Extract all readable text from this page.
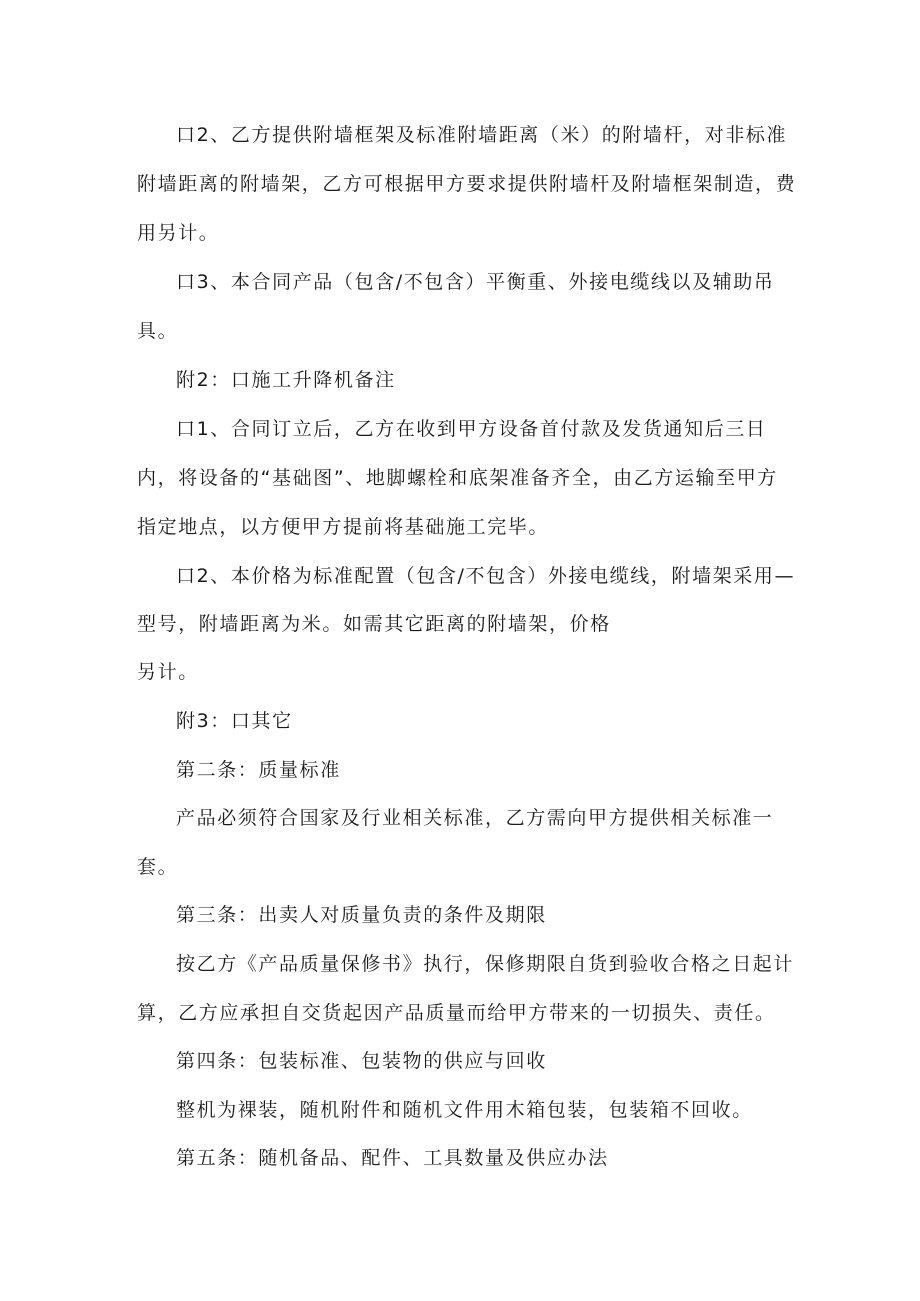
口2、乙方提供附墙框架及标准附墙距离（米）的附墙杆，对非标准

附墙距离的附墙架，乙方可根据甲方要求提供附墙杆及附墙框架制造，费

用另计。

口3、本合同产品（包含/不包含）平衡重、外接电缆线以及辅助吊

具。

附2：口施工升降机备注

口1、合同订立后，乙方在收到甲方设备首付款及发货通知后三日

内，将设备的“基础图”、地脚螺栓和底架准备齐全，由乙方运输至甲方

指定地点，以方便甲方提前将基础施工完毕。

口2、本价格为标准配置（包含/不包含）外接电缆线，附墙架采用—

型号，附墙距离为米。如需其它距离的附墙架，价格

另计。

附3：口其它

第二条：质量标准

产品必须符合国家及行业相关标准，乙方需向甲方提供相关标准一

套。

第三条：出卖人对质量负责的条件及期限

按乙方《产品质量保修书》执行，保修期限自货到验收合格之日起计

算，乙方应承担自交货起因产品质量而给甲方带来的一切损失、责任。

第四条：包装标准、包装物的供应与回收

整机为裸装，随机附件和随机文件用木箱包装，包装箱不回收。

第五条：随机备品、配件、工具数量及供应办法
